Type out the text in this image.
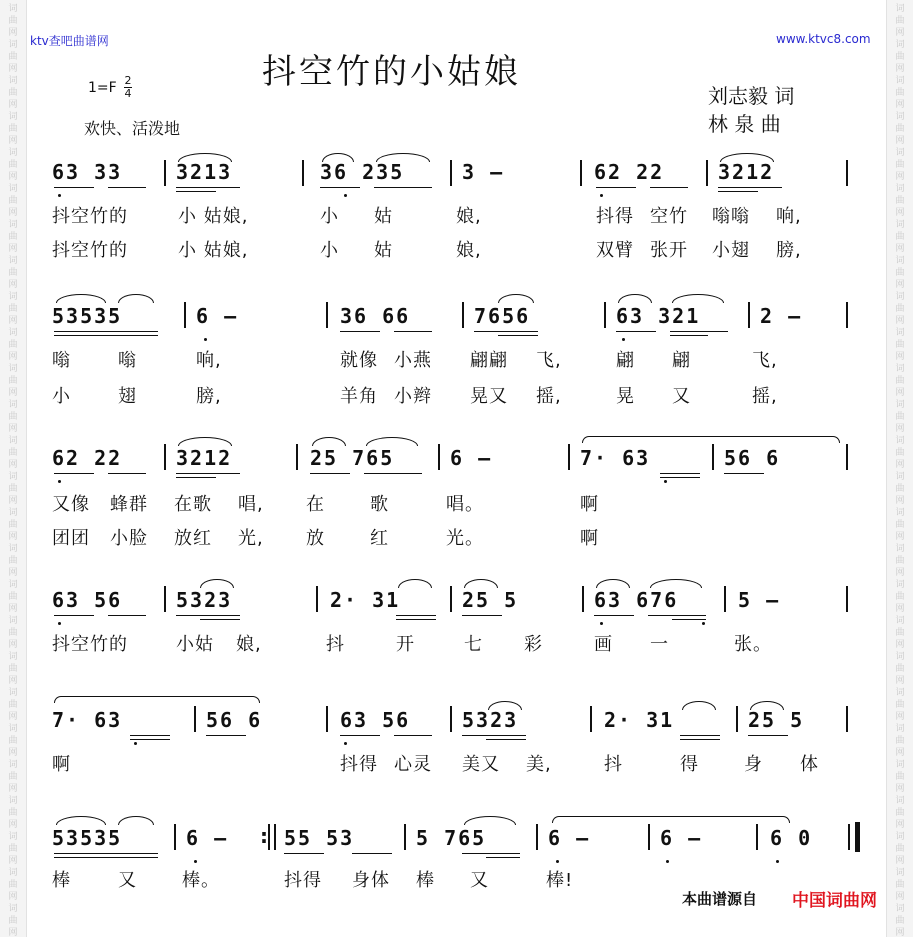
词
曲
网
词
曲
网
词
曲
网
词
曲
网
词
曲
网
词
曲
网
词
曲
网
词
曲
网
词
曲
网
词
曲
网
词
曲
网
词
曲
网
词
曲
网
词
曲
网
词
曲
网
词
曲
网
词
曲
网
词
曲
网
词
曲
网
词
曲
网
词
曲
网
词
曲
网
词
曲
网
词
曲
网
词
曲
网
词
曲
网
词
曲
网
词
曲
网
词
曲
网
词
曲
网
词
曲
网
词
曲
网
词
曲
网
词
曲
网
词
曲
网
词
曲
网
词
曲
网
词
曲
网
词
曲
网
词
曲
网
词
曲
网
词
曲
网
词
曲
网
词
曲
网
词
曲
网
词
曲
网
词
曲
网
词
曲
网
词
曲
网
词
曲
网
词
曲
网
词
曲
网
ktv查吧曲谱网	www.ktvc8.com
抖空竹的小姑娘
1=F 2
4
欢快、活泼地
刘志毅 词
林 泉 曲
63 33	3213	36 235	3 –	62 22	3212
抖空竹的	小 姑娘,	小 姑	娘,	抖得 空竹 嗡嗡 响,
抖空竹的	小 姑娘,	小 姑	娘,	双臂 张开 小翅 膀,
53535	6 –	36 66	7656	63 321	2 –
嗡	嗡	响,	就像 小燕 翩翩 飞,	翩 翩	飞,
小	翅	膀,	羊角 小辫 晃又 摇,	晃 又	摇,
62 22	3212	25 765	6 –	7· 63	56 6
又像 蜂群 在歌 唱, 在	歌	唱。	啊
团团 小脸 放红 光, 放	红	光。	啊
63 56	5323	2· 31	25 5	63 676	5 –
抖空竹的	小姑 娘,	抖	开	七 彩	画 一	张。
7· 63	56 6	63 56	5323	2· 31	25 5
啊	抖得 心灵 美又 美,	抖	得	身 体
53535	6 – : 55 53	5 765	6 –	6 –	6 0
棒	又	棒。	抖得 身体 棒 又	棒!
本曲谱源自 中国词曲网
